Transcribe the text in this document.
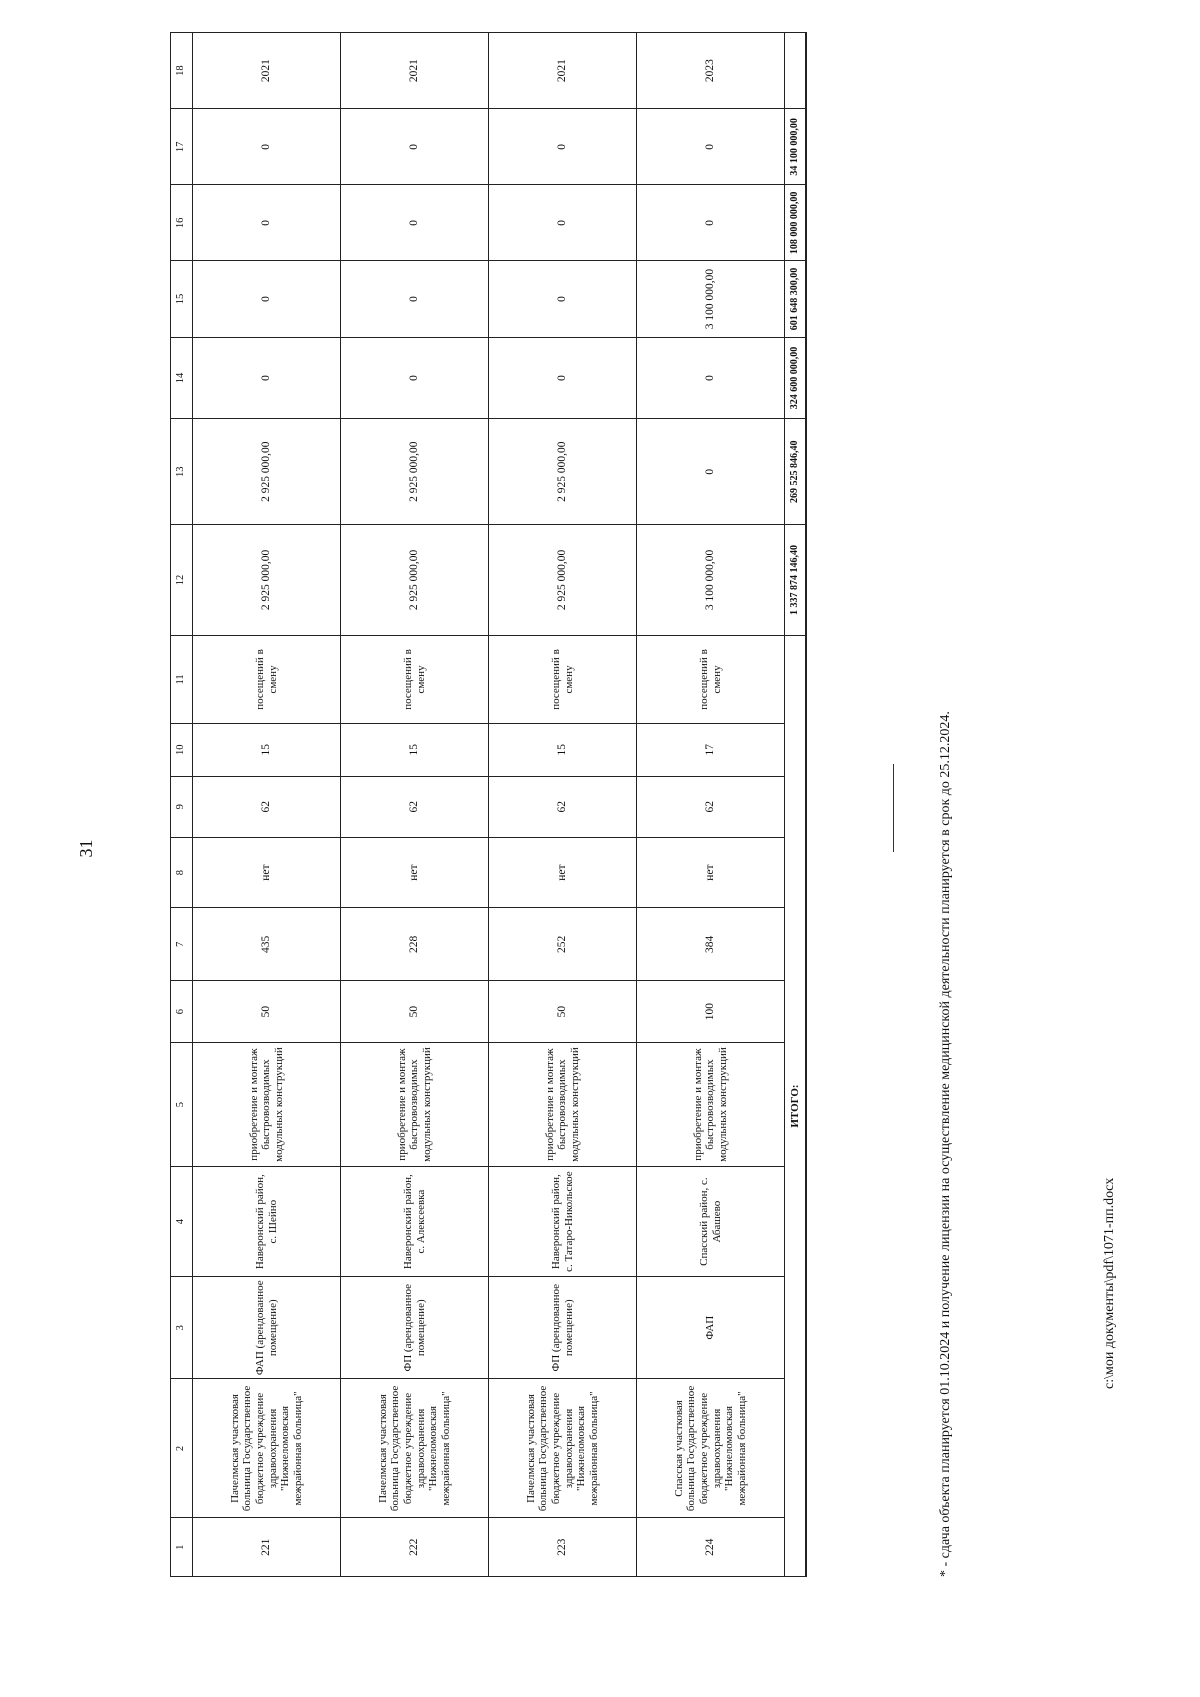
31
1	2	3	4	5	6	7	8	9	10	11	12	13	14	15	16	17	18
221	Пачелмская участковая больница Государственное бюджетное учреждение здравоохранения "Нижнеломовская межрайонная больница"	ФАП (арендованное помещение)	Наверонский район, с. Шейно	приобретение и монтаж быстровозводимых модульных конструкций	50	435	нет	62	15	посещений в смену	2 925 000,00	2 925 000,00	0	0	0	0	2021
222	Пачелмская участковая больница Государственное бюджетное учреждение здравоохранения "Нижнеломовская межрайонная больница"	ФП (арендованное помещение)	Наверонский район, с. Алексеевка	приобретение и монтаж быстровозводимых модульных конструкций	50	228	нет	62	15	посещений в смену	2 925 000,00	2 925 000,00	0	0	0	0	2021
223	Пачелмская участковая больница Государственное бюджетное учреждение здравоохранения "Нижнеломовская межрайонная больница"	ФП (арендованное помещение)	Наверонский район, с. Татаро-Никольское	приобретение и монтаж быстровозводимых модульных конструкций	50	252	нет	62	15	посещений в смену	2 925 000,00	2 925 000,00	0	0	0	0	2021
224	Спасская участковая больница Государственное бюджетное учреждение здравоохранения "Нижнеломовская межрайонная больница"	ФАП	Спасский район, с. Абашево	приобретение и монтаж быстровозводимых модульных конструкций	100	384	нет	62	17	посещений в смену	3 100 000,00	0	0	3 100 000,00	0	0	2023
ИТОГО:											1 337 874 146,40	269 525 846,40	324 600 000,00	601 648 300,00	108 000 000,00	34 100 000,00	
* - сдача объекта планируется 01.10.2024 и получение лицензии на осуществление медицинской деятельности планируется в срок до 25.12.2024.	c:\мои документы\pdf\1071-пп.docx
